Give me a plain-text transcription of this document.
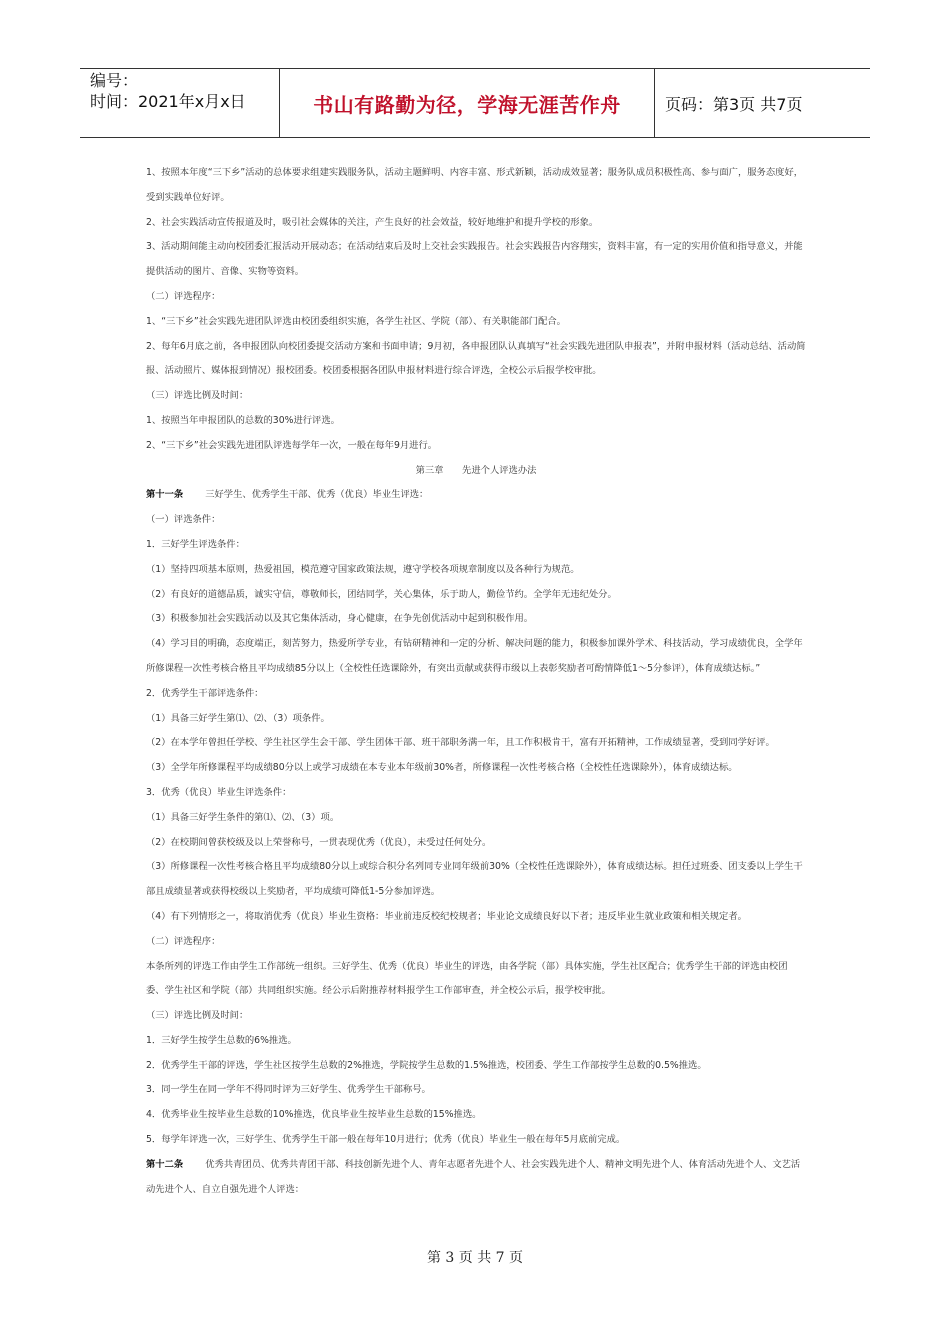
编号：
时间：2021年x月x日	书山有路勤为径，学海无涯苦作舟	页码：第3页 共7页

1、按照本年度“三下乡”活动的总体要求组建实践服务队，活动主题鲜明、内容丰富、形式新颖，活动成效显著；服务队成员积极性高、参与面广，服务态度好，受到实践单位好评。

2、社会实践活动宣传报道及时，吸引社会媒体的关注，产生良好的社会效益，较好地维护和提升学校的形象。

3、活动期间能主动向校团委汇报活动开展动态；在活动结束后及时上交社会实践报告。社会实践报告内容翔实，资料丰富，有一定的实用价值和指导意义，并能提供活动的图片、音像、实物等资料。

（二）评选程序：

1、“三下乡”社会实践先进团队评选由校团委组织实施，各学生社区、学院（部）、有关职能部门配合。

2、每年6月底之前，各申报团队向校团委提交活动方案和书面申请；9月初，各申报团队认真填写“社会实践先进团队申报表”，并附申报材料（活动总结、活动简报、活动照片、媒体报到情况）报校团委。校团委根据各团队申报材料进行综合评选，全校公示后报学校审批。

（三）评选比例及时间：

1、按照当年申报团队的总数的30%进行评选。

2、“三下乡”社会实践先进团队评选每学年一次，一般在每年9月进行。

第三章　　先进个人评选办法

第十一条 三好学生、优秀学生干部、优秀（优良）毕业生评选：

（一）评选条件：

1．三好学生评选条件：

（1）坚持四项基本原则，热爱祖国，模范遵守国家政策法规，遵守学校各项规章制度以及各种行为规范。

（2）有良好的道德品质，诚实守信，尊敬师长，团结同学，关心集体，乐于助人，勤俭节约。全学年无违纪处分。

（3）积极参加社会实践活动以及其它集体活动，身心健康，在争先创优活动中起到积极作用。

（4）学习目的明确，态度端正，刻苦努力，热爱所学专业，有钻研精神和一定的分析、解决问题的能力，积极参加课外学术、科技活动，学习成绩优良，全学年所修课程一次性考核合格且平均成绩85分以上（全校性任选课除外，有突出贡献或获得市级以上表彰奖励者可酌情降低1～5分参评），体育成绩达标。”

2．优秀学生干部评选条件：

（1）具备三好学生第⑴、⑵、（3）项条件。

（2）在本学年曾担任学校、学生社区学生会干部、学生团体干部、班干部职务满一年，且工作积极肯干，富有开拓精神，工作成绩显著，受到同学好评。

（3）全学年所修课程平均成绩80分以上或学习成绩在本专业本年级前30%者，所修课程一次性考核合格（全校性任选课除外），体育成绩达标。

3．优秀（优良）毕业生评选条件：

（1）具备三好学生条件的第⑴、⑵、（3）项。

（2）在校期间曾获校级及以上荣誉称号，一贯表现优秀（优良），未受过任何处分。

（3）所修课程一次性考核合格且平均成绩80分以上或综合积分名列同专业同年级前30%（全校性任选课除外），体育成绩达标。担任过班委、团支委以上学生干部且成绩显著或获得校级以上奖励者，平均成绩可降低1-5分参加评选。

（4）有下列情形之一，将取消优秀（优良）毕业生资格：毕业前违反校纪校规者；毕业论文成绩良好以下者；违反毕业生就业政策和相关规定者。

（二）评选程序：

本条所列的评选工作由学生工作部统一组织。三好学生、优秀（优良）毕业生的评选，由各学院（部）具体实施，学生社区配合；优秀学生干部的评选由校团委、学生社区和学院（部）共同组织实施。经公示后附推荐材料报学生工作部审查，并全校公示后，报学校审批。

（三）评选比例及时间：

1．三好学生按学生总数的6%推选。

2．优秀学生干部的评选，学生社区按学生总数的2%推选，学院按学生总数的1.5%推选，校团委、学生工作部按学生总数的0.5%推选。

3．同一学生在同一学年不得同时评为三好学生、优秀学生干部称号。

4．优秀毕业生按毕业生总数的10%推选，优良毕业生按毕业生总数的15%推选。

5．每学年评选一次，三好学生、优秀学生干部一般在每年10月进行；优秀（优良）毕业生一般在每年5月底前完成。

第十二条 优秀共青团员、优秀共青团干部、科技创新先进个人、青年志愿者先进个人、社会实践先进个人、精神文明先进个人、体育活动先进个人、文艺活动先进个人、自立自强先进个人评选：

第 3 页 共 7 页
